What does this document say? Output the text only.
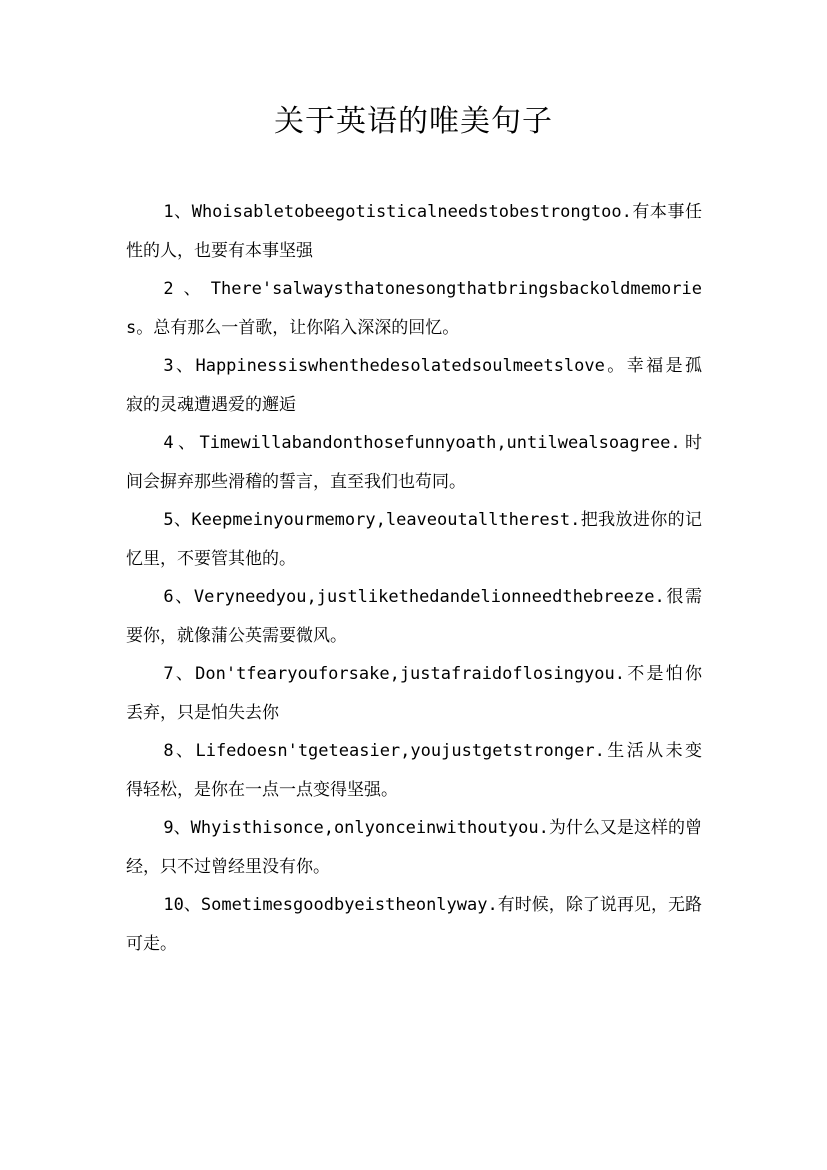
关于英语的唯美句子

1、Whoisabletobeegotisticalneedstobestrongtoo.有本事任性的人，也要有本事坚强

2、There'salwaysthatonesongthatbringsbackoldmemories。总有那么一首歌，让你陷入深深的回忆。

3、Happinessiswhenthedesolatedsoulmeetslove。幸福是孤寂的灵魂遭遇爱的邂逅

4、Timewillabandonthosefunnyoath,untilwealsoagree.时间会摒弃那些滑稽的誓言，直至我们也苟同。

5、Keepmeinyourmemory,leaveoutalltherest.把我放进你的记忆里，不要管其他的。

6、Veryneedyou,justlikethedandelionneedthebreeze.很需要你，就像蒲公英需要微风。

7、Don'tfearyouforsake,justafraidoflosingyou.不是怕你丢弃，只是怕失去你

8、Lifedoesn'tgeteasier,youjustgetstronger.生活从未变得轻松，是你在一点一点变得坚强。

9、Whyisthisonce,onlyonceinwithoutyou.为什么又是这样的曾经，只不过曾经里没有你。

10、Sometimesgoodbyeistheonlyway.有时候，除了说再见，无路可走。
